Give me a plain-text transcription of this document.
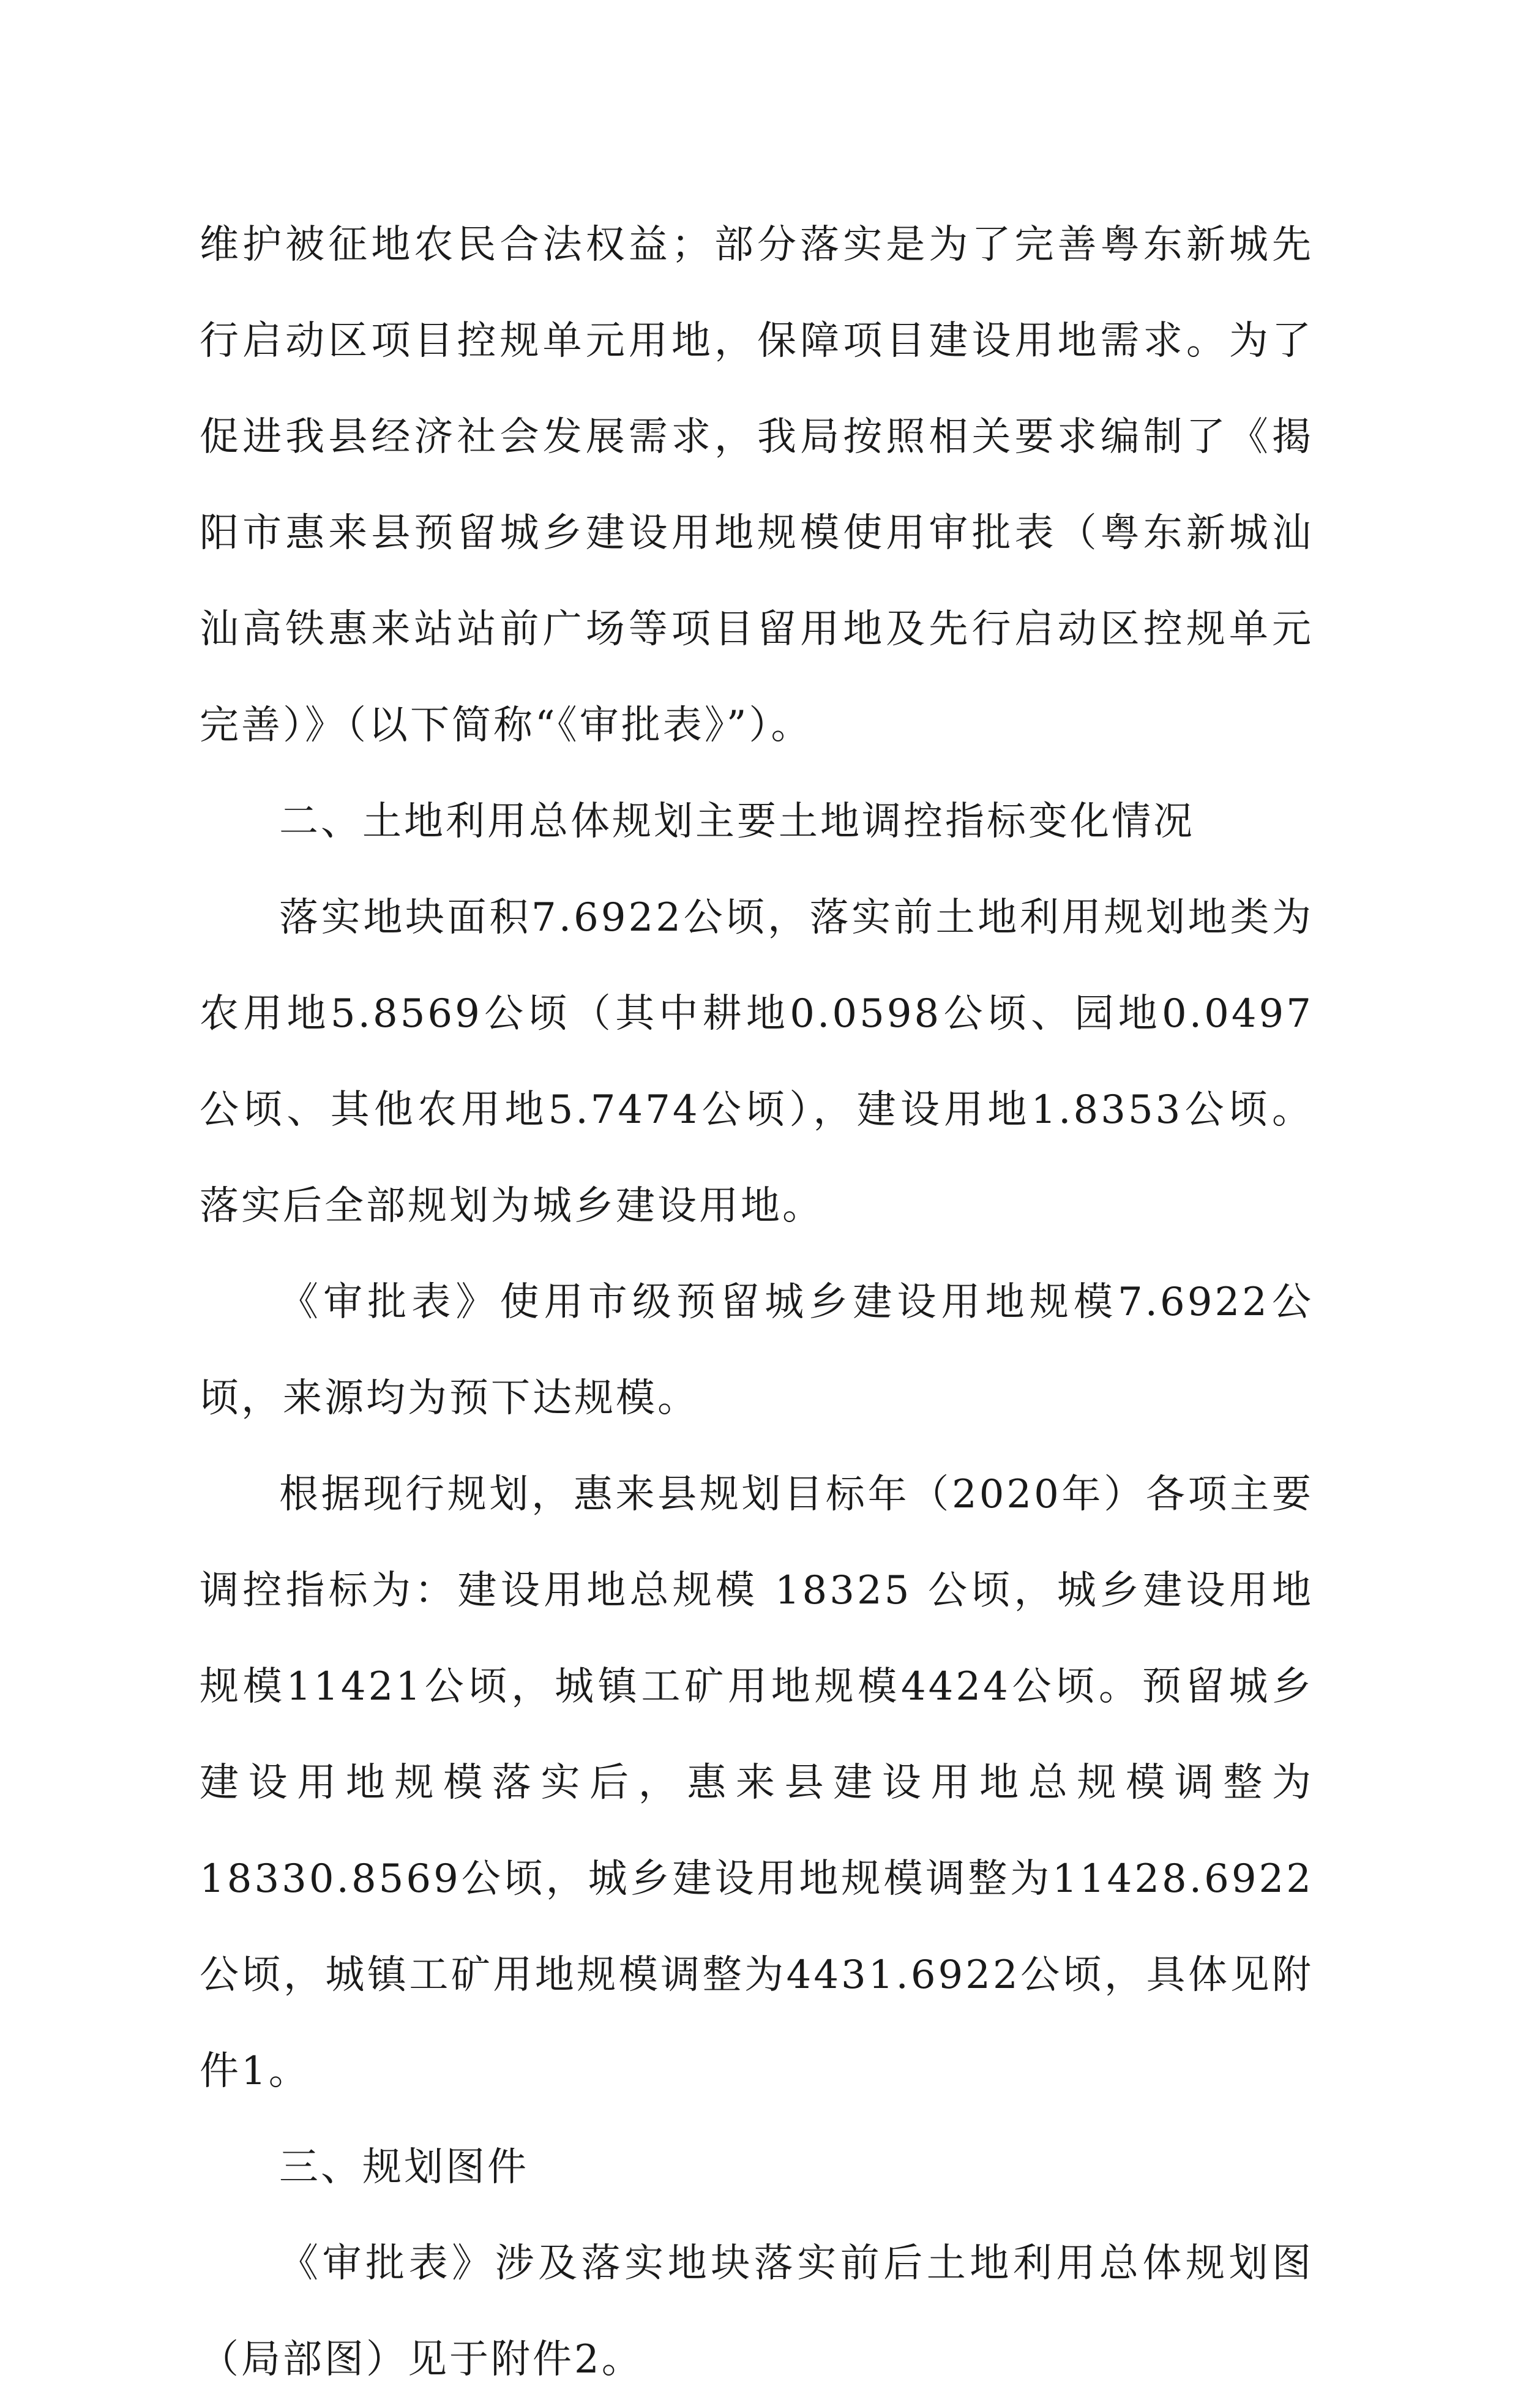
维护被征地农民合法权益；部分落实是为了完善粤东新城先行启动区项目控规单元用地，保障项目建设用地需求。为了促进我县经济社会发展需求，我局按照相关要求编制了《揭阳市惠来县预留城乡建设用地规模使用审批表（粤东新城汕汕高铁惠来站站前广场等项目留用地及先行启动区控规单元完善）》（以下简称“《审批表》”）。

二、土地利用总体规划主要土地调控指标变化情况

落实地块面积7.6922公顷，落实前土地利用规划地类为农用地5.8569公顷（其中耕地0.0598公顷、园地0.0497公顷、其他农用地5.7474公顷），建设用地1.8353公顷。落实后全部规划为城乡建设用地。

《审批表》使用市级预留城乡建设用地规模7.6922公顷，来源均为预下达规模。

根据现行规划，惠来县规划目标年（2020年）各项主要调控指标为：建设用地总规模 18325 公顷，城乡建设用地规模11421公顷，城镇工矿用地规模4424公顷。预留城乡建设用地规模落实后，惠来县建设用地总规模调整为18330.8569公顷，城乡建设用地规模调整为11428.6922公顷，城镇工矿用地规模调整为4431.6922公顷，具体见附件1。

三、规划图件

《审批表》涉及落实地块落实前后土地利用总体规划图（局部图）见于附件2。
